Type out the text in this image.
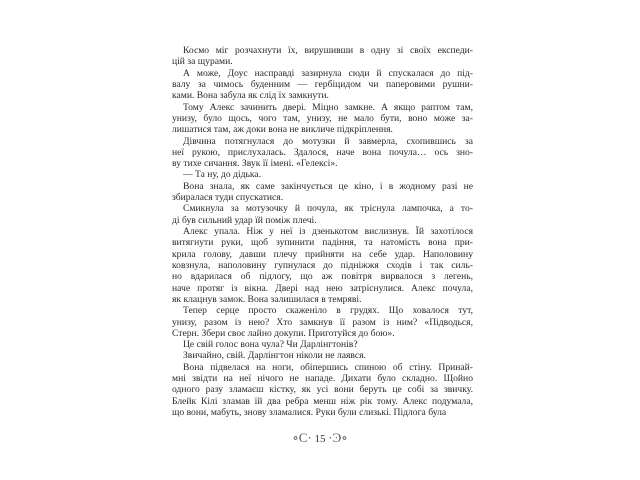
Космо міг розчахнути їх, вирушивши в одну зі своїх експеди-
цій за щурами.
А може, Доус насправді зазирнула сюди й спускалася до під-
валу за чимось буденним — гербіцидом чи паперовими рушни-
ками. Вона забула як слід їх замкнути.
Тому Алекс зачинить двері. Міцно замкне. А якщо раптом там,
унизу, було щось, чого там, унизу, не мало бути, воно може за-
лишатися там, аж доки вона не викличе підкріплення.
Дівчина потягнулася до мотузки й завмерла, схопившись за
неї рукою, прислухалась. Здалося, наче вона почула… ось зно-
ву тихе сичання. Звук її імені. «Гелексі».
— Та ну, до дідька.
Вона знала, як саме закінчується це кіно, і в жодному разі не
збиралася туди спускатися.
Смикнула за мотузочку й почула, як тріснула лампочка, а то-
ді був сильний удар їй поміж плечі.
Алекс упала. Ніж у неї із дзенькотом вислизнув. Їй захотілося
витягнути руки, щоб зупинити падіння, та натомість вона при-
крила голову, давши плечу прийняти на себе удар. Наполовину
ковзнула, наполовину гупнулася до підніжжя сходів і так силь-
но вдарилася об підлогу, що аж повітря вирвалося з легень,
наче протяг із вікна. Двері над нею затріснулися. Алекс почула,
як клацнув замок. Вона залишилася в темряві.
Тепер серце просто скаженіло в грудях. Що ховалося тут,
унизу, разом із нею? Хто замкнув її разом із ним? «Підводься,
Стерн. Збери своє лайно докупи. Приготуйся до бою».
Це свій голос вона чула? Чи Дарлінгтонів?
Звичайно, свій. Дарлінгтон ніколи не лаявся.
Вона підвелася на ноги, обіпершись спиною об стіну. Принай-
мні звідти на неї нічого не нападе. Дихати було складно. Щойно
одного разу зламаєш кістку, як усі вони беруть це собі за звичку.
Блейк Кілі зламав їй два ребра менш ніж рік тому. Алекс подумала,
що вони, мабуть, знову зламалися. Руки були слизькі. Підлога була
∘С· 15 ·Ͽ∘
